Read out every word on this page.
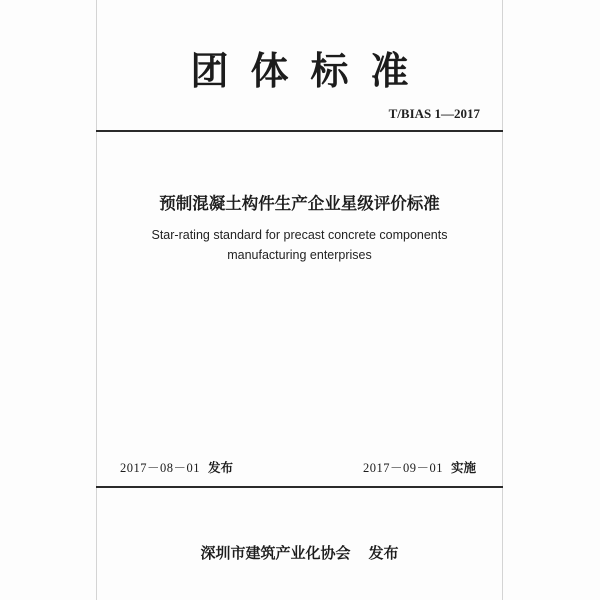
团体标准
T/BIAS 1—2017
预制混凝土构件生产企业星级评价标准
Star-rating standard for precast concrete components
manufacturing enterprises
2017－08－01 发布	2017－09－01 实施
深圳市建筑产业化协会 发布
